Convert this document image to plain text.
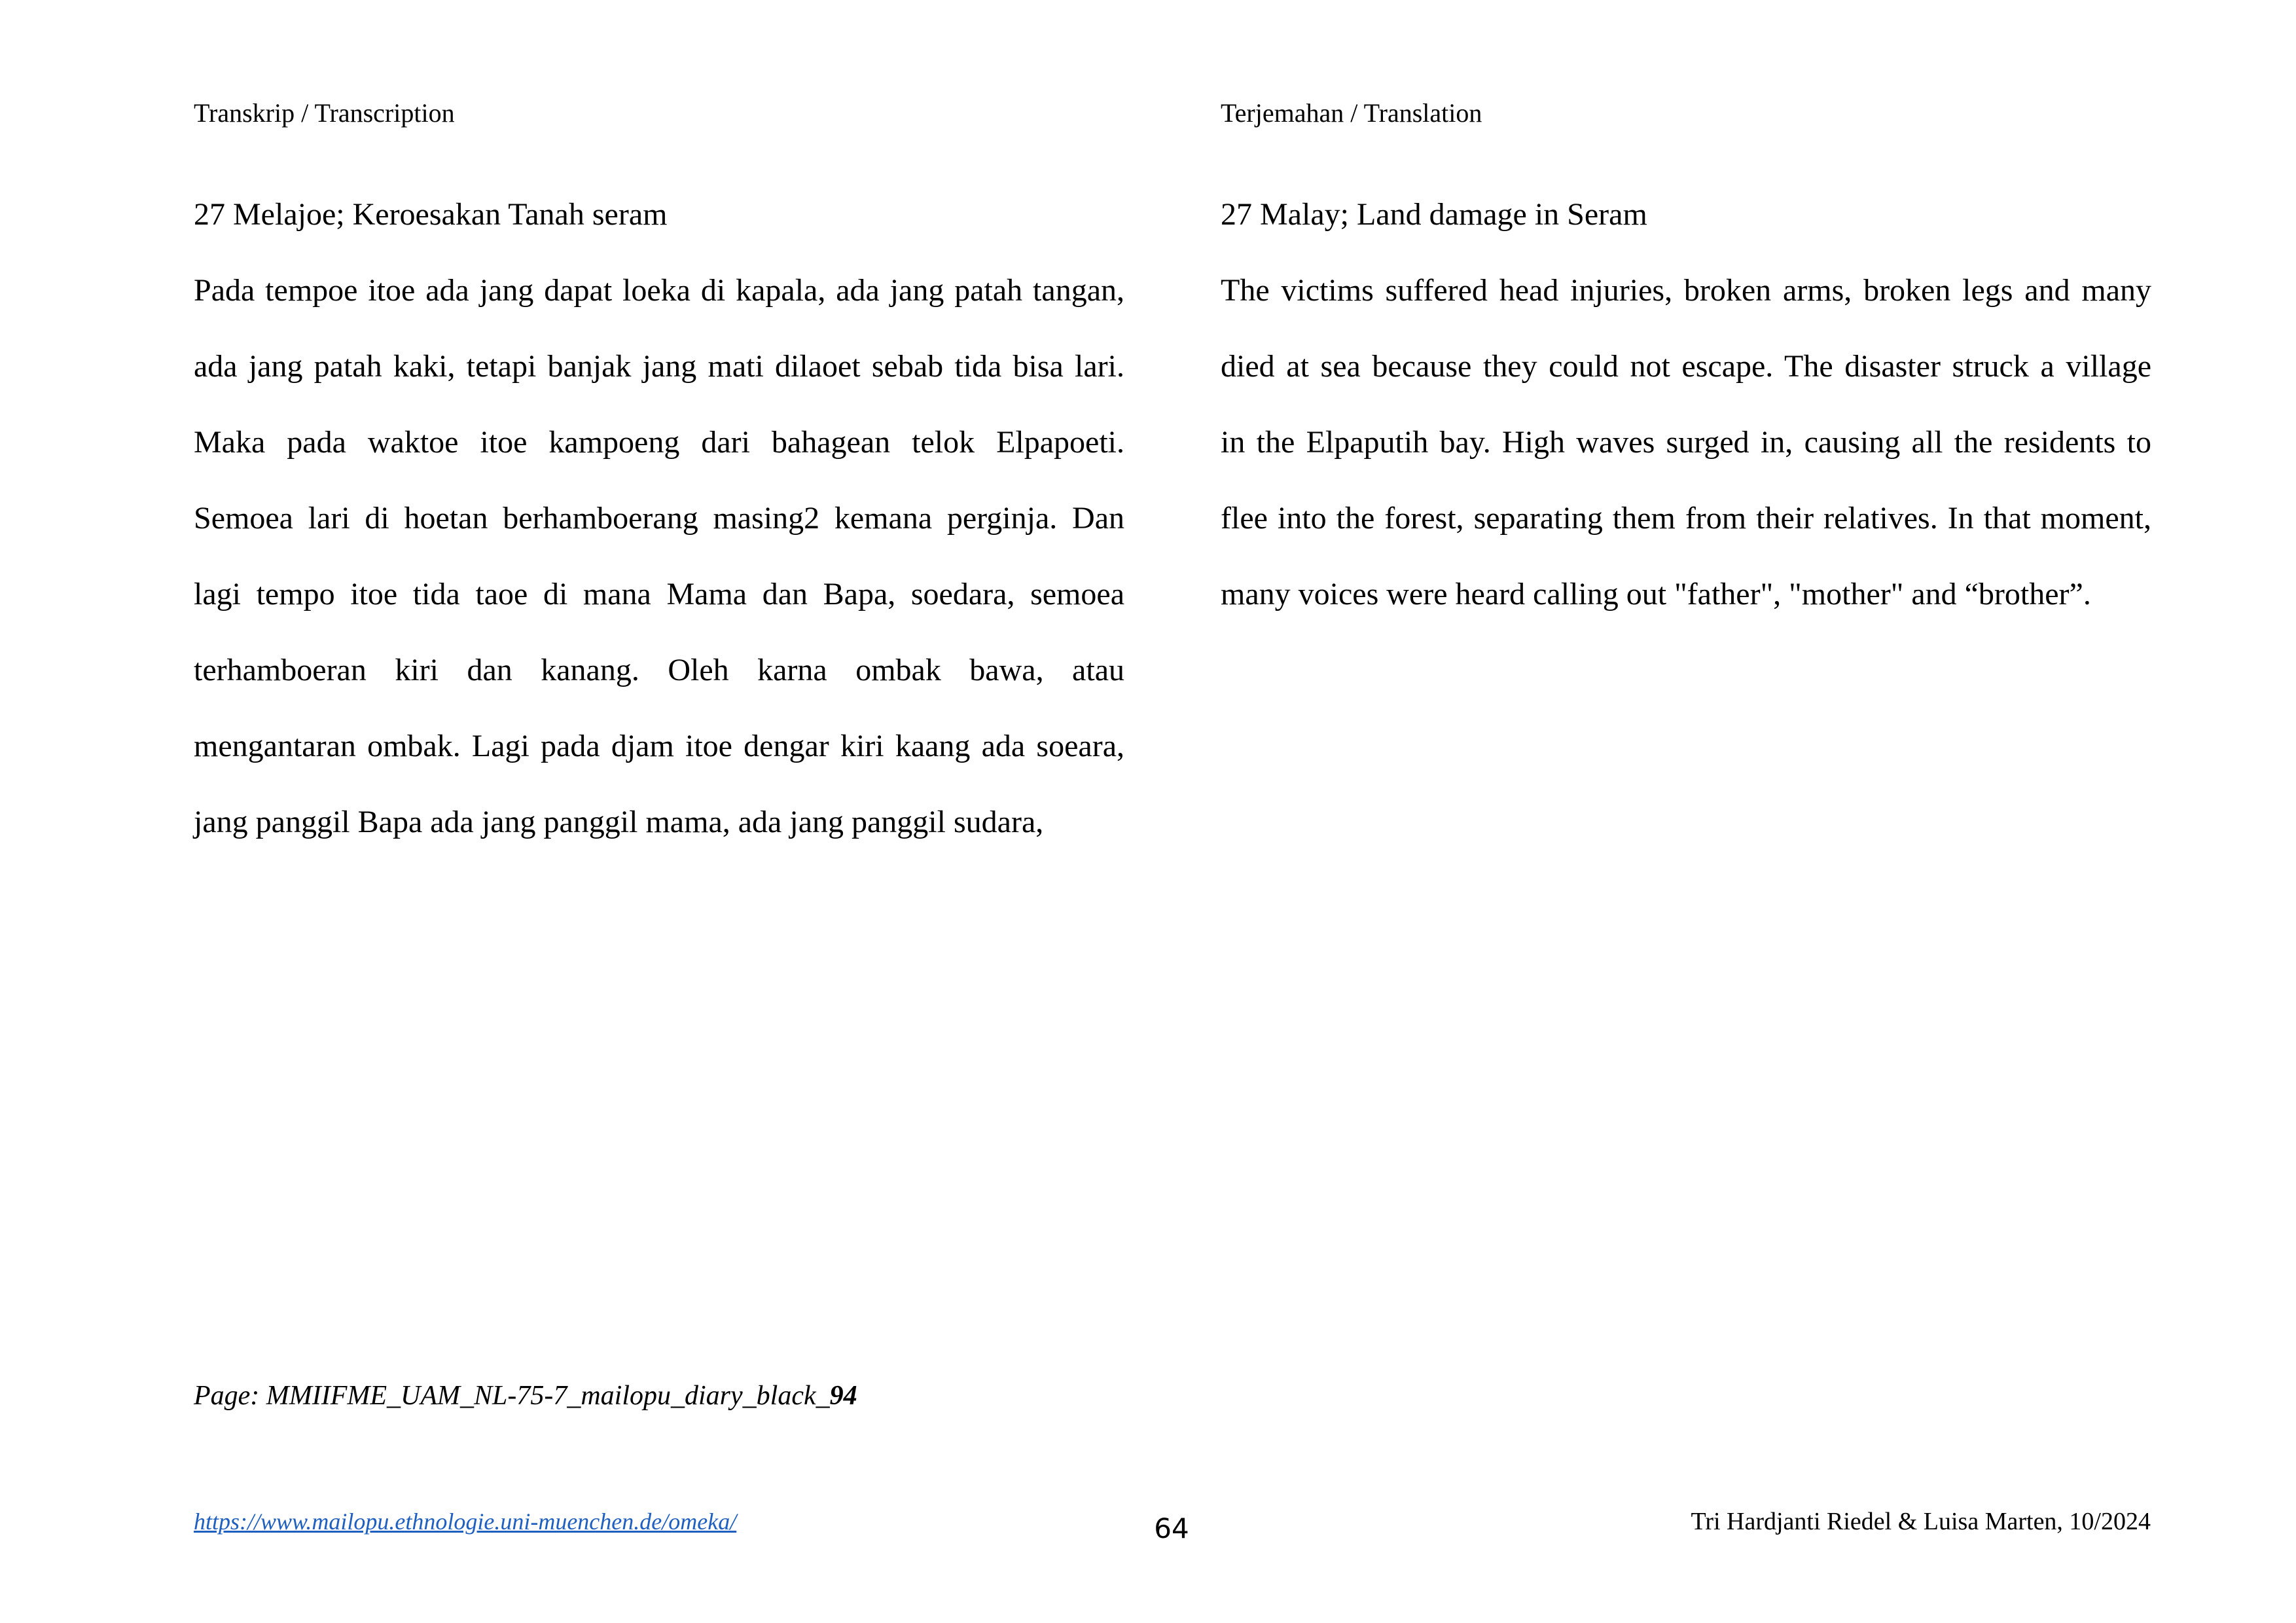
Transkrip / Transcription
27 Melajoe; Keroesakan Tanah seram
Pada tempoe itoe ada jang dapat loeka di kapala, ada jang patah tangan,
ada jang patah kaki, tetapi banjak jang mati dilaoet sebab tida bisa lari.
Maka pada waktoe itoe kampoeng dari bahagean telok Elpapoeti.
Semoea lari di hoetan berhamboerang masing2 kemana perginja. Dan
lagi tempo itoe tida taoe di mana Mama dan Bapa, soedara, semoea
terhamboeran kiri dan kanang. Oleh karna ombak bawa, atau
mengantaran ombak. Lagi pada djam itoe dengar kiri kaang ada soeara,
jang panggil Bapa ada jang panggil mama, ada jang panggil sudara,
Terjemahan / Translation
27 Malay; Land damage in Seram
The victims suffered head injuries, broken arms, broken legs and many
died at sea because they could not escape. The disaster struck a village
in the Elpaputih bay. High waves surged in, causing all the residents to
flee into the forest, separating them from their relatives. In that moment,
many voices were heard calling out "father", "mother" and “brother”.
Page: MMIIFME_UAM_NL-75-7_mailopu_diary_black_94
https://www.mailopu.ethnologie.uni-muenchen.de/omeka/	64	Tri Hardjanti Riedel & Luisa Marten, 10/2024
